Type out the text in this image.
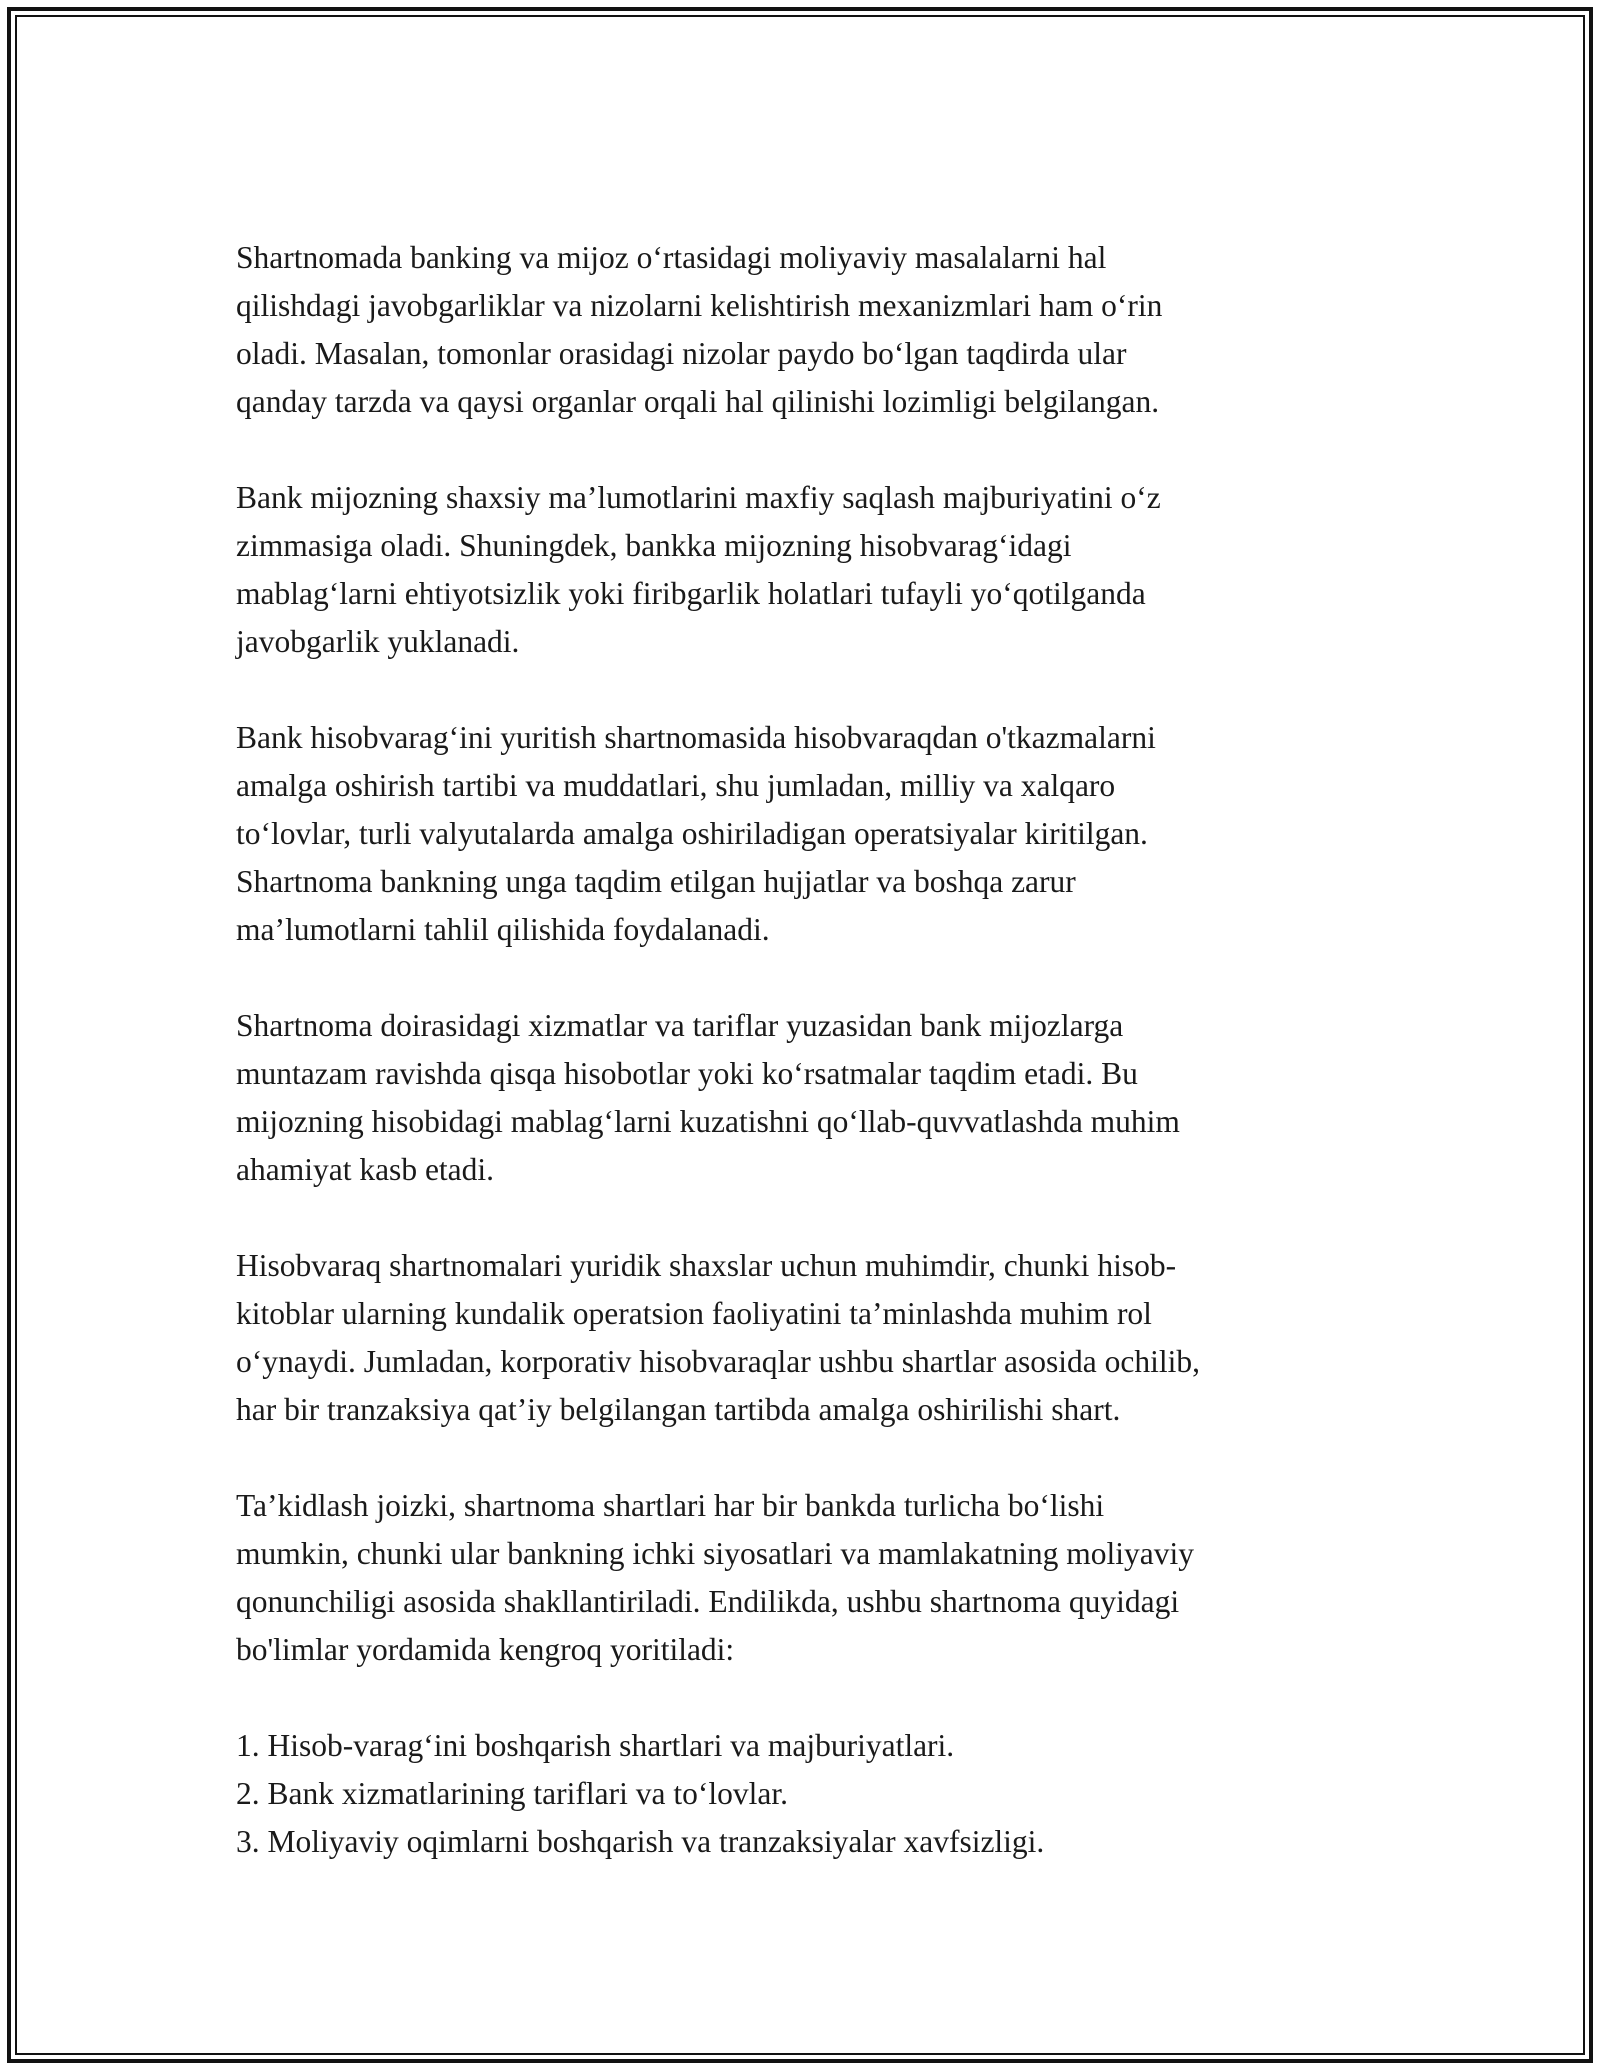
Shartnomada banking va mijoz o‘rtasidagi moliyaviy masalalarni hal
qilishdagi javobgarliklar va nizolarni kelishtirish mexanizmlari ham o‘rin
oladi. Masalan, tomonlar orasidagi nizolar paydo bo‘lgan taqdirda ular
qanday tarzda va qaysi organlar orqali hal qilinishi lozimligi belgilangan.
Bank mijozning shaxsiy ma’lumotlarini maxfiy saqlash majburiyatini o‘z
zimmasiga oladi. Shuningdek, bankka mijozning hisobvarag‘idagi
mablag‘larni ehtiyotsizlik yoki firibgarlik holatlari tufayli yo‘qotilganda
javobgarlik yuklanadi.
Bank hisobvarag‘ini yuritish shartnomasida hisobvaraqdan o'tkazmalarni
amalga oshirish tartibi va muddatlari, shu jumladan, milliy va xalqaro
to‘lovlar, turli valyutalarda amalga oshiriladigan operatsiyalar kiritilgan.
Shartnoma bankning unga taqdim etilgan hujjatlar va boshqa zarur
ma’lumotlarni tahlil qilishida foydalanadi.
Shartnoma doirasidagi xizmatlar va tariflar yuzasidan bank mijozlarga
muntazam ravishda qisqa hisobotlar yoki ko‘rsatmalar taqdim etadi. Bu
mijozning hisobidagi mablag‘larni kuzatishni qo‘llab-quvvatlashda muhim
ahamiyat kasb etadi.
Hisobvaraq shartnomalari yuridik shaxslar uchun muhimdir, chunki hisob-
kitoblar ularning kundalik operatsion faoliyatini ta’minlashda muhim rol
o‘ynaydi. Jumladan, korporativ hisobvaraqlar ushbu shartlar asosida ochilib,
har bir tranzaksiya qat’iy belgilangan tartibda amalga oshirilishi shart.
Ta’kidlash joizki, shartnoma shartlari har bir bankda turlicha bo‘lishi
mumkin, chunki ular bankning ichki siyosatlari va mamlakatning moliyaviy
qonunchiligi asosida shakllantiriladi. Endilikda, ushbu shartnoma quyidagi
bo'limlar yordamida kengroq yoritiladi:
1. Hisob-varag‘ini boshqarish shartlari va majburiyatlari.
2. Bank xizmatlarining tariflari va to‘lovlar.
3. Moliyaviy oqimlarni boshqarish va tranzaksiyalar xavfsizligi.
